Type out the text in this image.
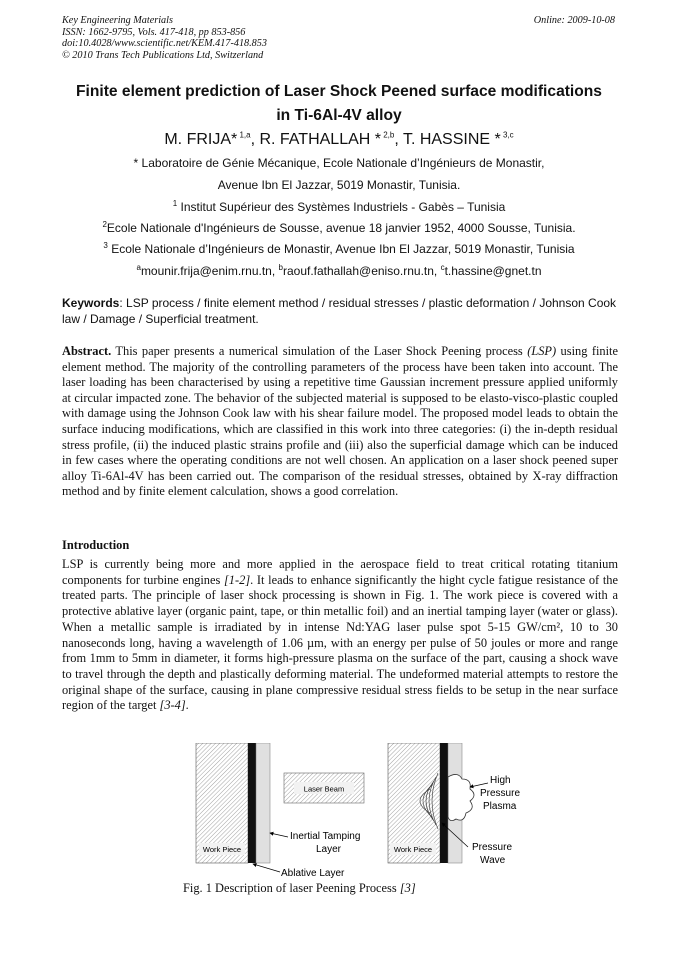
Key Engineering Materials
ISSN: 1662-9795, Vols. 417-418, pp 853-856
doi:10.4028/www.scientific.net/KEM.417-418.853
© 2010 Trans Tech Publications Ltd, Switzerland
Online: 2009-10-08
Finite element prediction of Laser Shock Peened surface modifications
in Ti-6Al-4V alloy
M. FRIJA* $^{1,a}$, R. FATHALLAH * $^{2,b}$, T. HASSINE * $^{3,c}$
* Laboratoire de Génie Mécanique, Ecole Nationale d’Ingénieurs de Monastir,
Avenue Ibn El Jazzar, 5019 Monastir, Tunisia.
$^1$ Institut Supérieur des Systèmes Industriels - Gabès – Tunisia
$^2$Ecole Nationale d'Ingénieurs de Sousse, avenue 18 janvier 1952, 4000 Sousse, Tunisia.
$^3$ Ecole Nationale d’Ingénieurs de Monastir, Avenue Ibn El Jazzar, 5019 Monastir, Tunisia
$^a$mounir.frija@enim.rnu.tn, $^b$raouf.fathallah@eniso.rnu.tn, $^c$t.hassine@gnet.tn
Keywords: LSP process / finite element method / residual stresses / plastic deformation / Johnson Cook law / Damage / Superficial treatment.
Abstract. This paper presents a numerical simulation of the Laser Shock Peening process (LSP) using finite element method. The majority of the controlling parameters of the process have been taken into account. The laser loading has been characterised by using a repetitive time Gaussian increment pressure applied uniformly at circular impacted zone. The behavior of the subjected material is supposed to be elasto-visco-plastic coupled with damage using the Johnson Cook law with his shear failure model. The proposed model leads to obtain the surface inducing modifications, which are classified in this work into three categories: (i) the in-depth residual stress profile, (ii) the induced plastic strains profile and (iii) also the superficial damage which can be induced in few cases where the operating conditions are not well chosen. An application on a laser shock peened super alloy Ti-6Al-4V has been carried out. The comparison of the residual stresses, obtained by X-ray diffraction method and by finite element calculation, shows a good correlation.
Introduction
LSP is currently being more and more applied in the aerospace field to treat critical rotating titanium components for turbine engines [1-2]. It leads to enhance significantly the hight cycle fatigue resistance of the treated parts. The principle of laser shock processing is shown in Fig. 1. The work piece is covered with a protective ablative layer (organic paint, tape, or thin metallic foil) and an inertial tamping layer (water or glass). When a metallic sample is irradiated by in intense Nd:YAG laser pulse spot 5-15 GW/cm², 10 to 30 nanoseconds long, having a wavelength of 1.06 µm, with an energy per pulse of 50 joules or more and range from 1mm to 5mm in diameter, it forms high-pressure plasma on the surface of the part, causing a shock wave to travel through the depth and plastically deforming material. The undeformed material attempts to restore the original shape of the surface, causing in plane compressive residual stress fields to be setup in the near surface region of the target [3-4].
Laser Beam
Work Piece
Inertial Tamping
Layer
Ablative Layer
Work Piece
High
Pressure
Plasma
Pressure
Wave
Fig. 1 Description of laser Peening Process [3]
